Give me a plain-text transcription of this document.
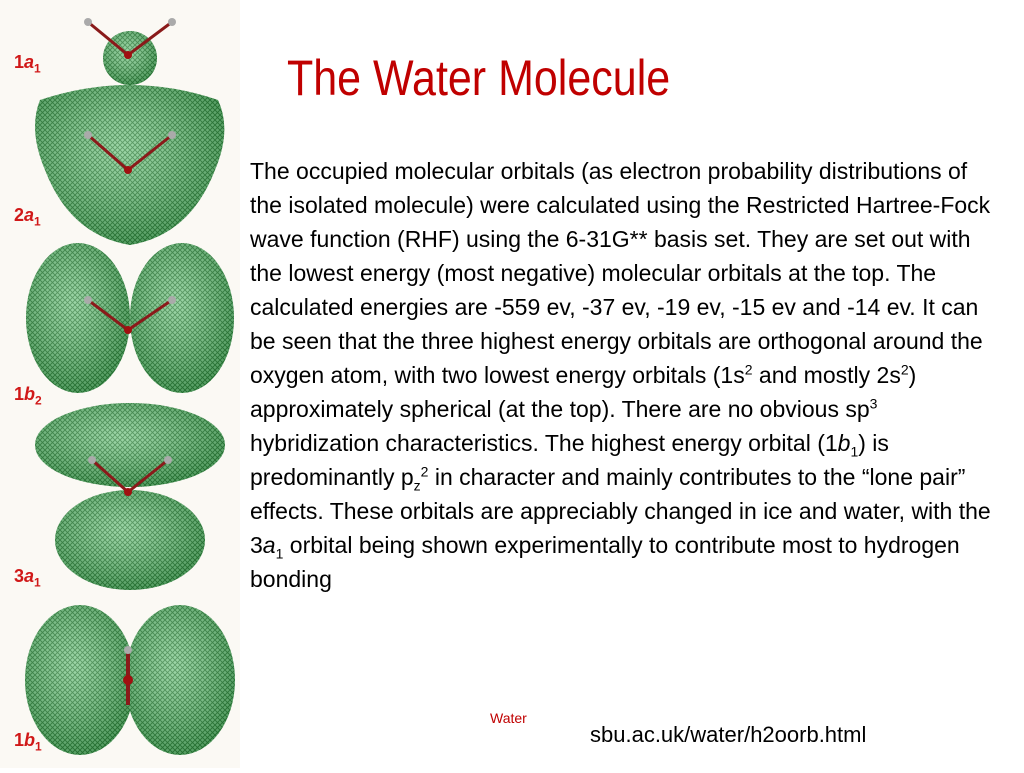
$1a_1$
$2a_1$
$1b_2$
$3a_1$
$1b_1$
The Water Molecule
The occupied molecular orbitals (as electron probability distributions of the isolated molecule) were calculated using the Restricted Hartree-Fock wave function (RHF) using the 6-31G** basis set. They are set out with the lowest energy (most negative) molecular orbitals at the top. The calculated energies are -559 ev, -37 ev, -19 ev, -15 ev and -14 ev. It can be seen that the three highest energy orbitals are orthogonal around the oxygen atom, with two lowest energy orbitals ($1s^2$ and mostly $2s^2$) approximately spherical (at the top). There are no obvious $sp^3$ hybridization characteristics. The highest energy orbital $(1b_1)$ is predominantly $p_z^2$ in character and mainly contributes to the “lone pair” effects. These orbitals are appreciably changed in ice and water, with the $3a_1$ orbital being shown experimentally to contribute most to hydrogen bonding
Water
sbu.ac.uk/water/h2oorb.html
